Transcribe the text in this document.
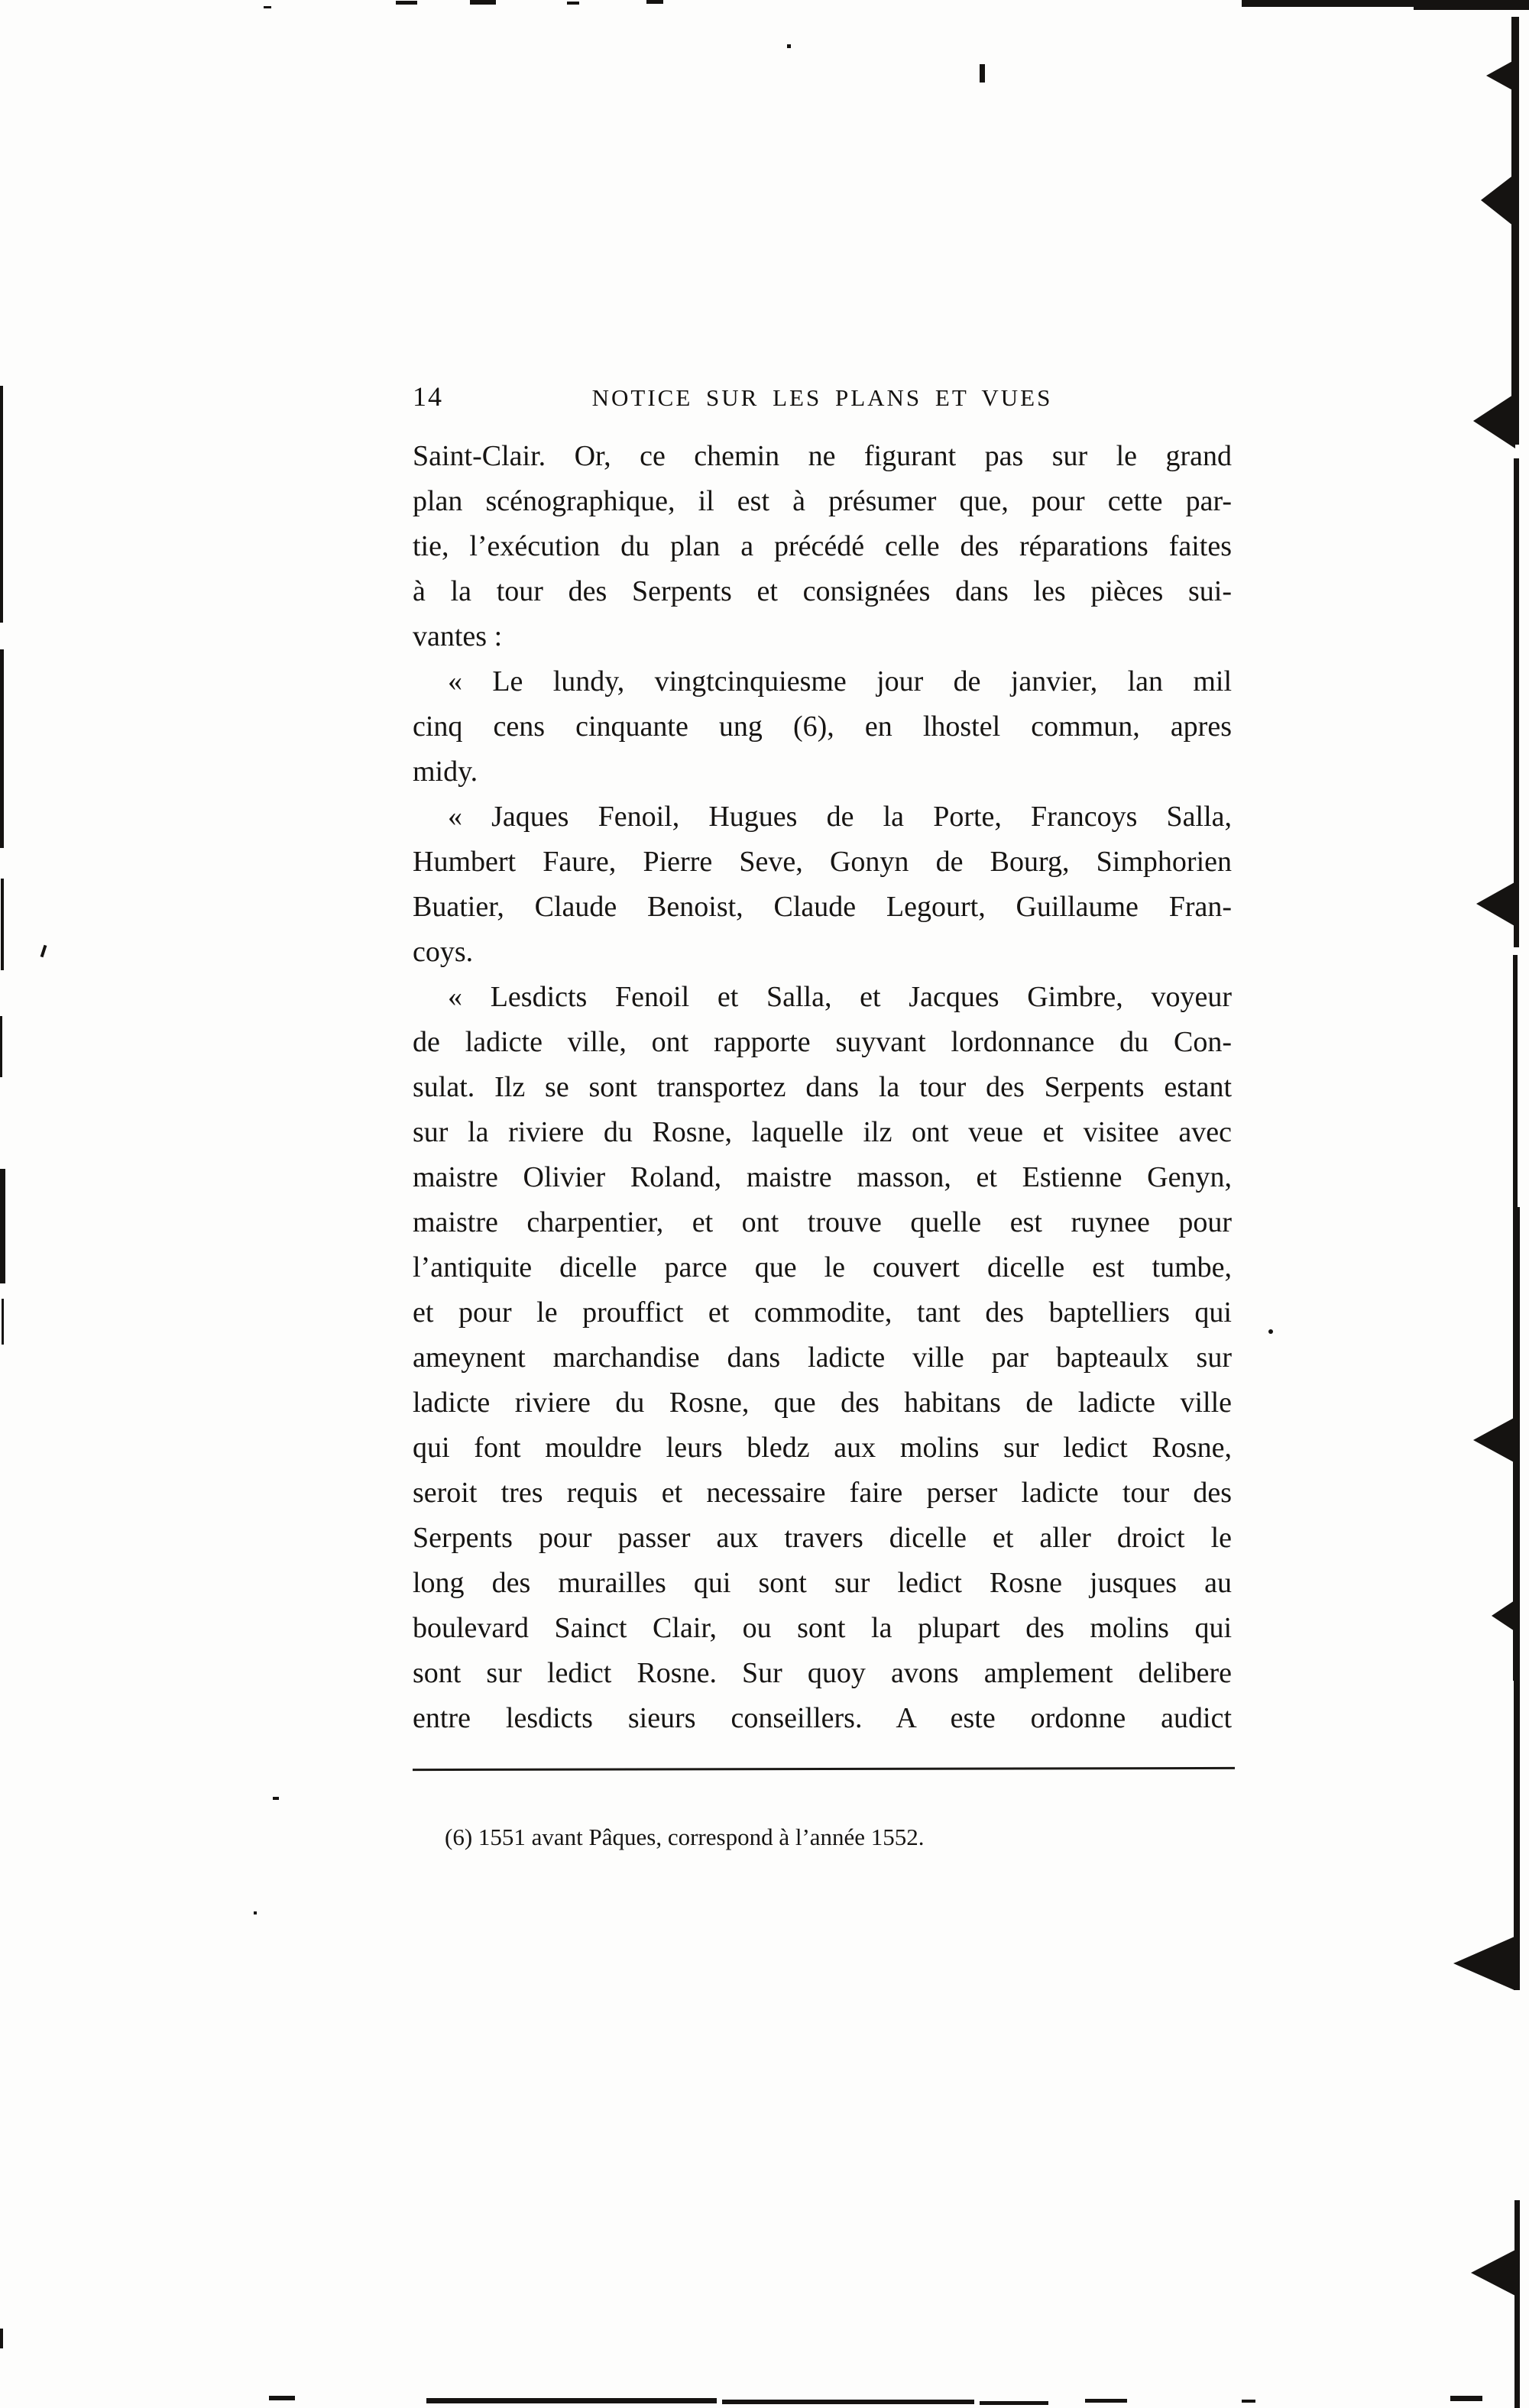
14	NOTICE SUR LES PLANS ET VUES
Saint-Clair. Or, ce chemin ne figurant pas sur le grand
plan scénographique, il est à présumer que, pour cette par-
tie, l’exécution du plan a précédé celle des réparations faites
à la tour des Serpents et consignées dans les pièces sui-
vantes :
« Le lundy, vingtcinquiesme jour de janvier, lan mil
cinq cens cinquante ung (6), en lhostel commun, apres
midy.
« Jaques Fenoil, Hugues de la Porte, Francoys Salla,
Humbert Faure, Pierre Seve, Gonyn de Bourg, Simphorien
Buatier, Claude Benoist, Claude Legourt, Guillaume Fran-
coys.
« Lesdicts Fenoil et Salla, et Jacques Gimbre, voyeur
de ladicte ville, ont rapporte suyvant lordonnance du Con-
sulat. Ilz se sont transportez dans la tour des Serpents estant
sur la riviere du Rosne, laquelle ilz ont veue et visitee avec
maistre Olivier Roland, maistre masson, et Estienne Genyn,
maistre charpentier, et ont trouve quelle est ruynee pour
l’antiquite dicelle parce que le couvert dicelle est tumbe,
et pour le prouffict et commodite, tant des baptelliers qui
ameynent marchandise dans ladicte ville par bapteaulx sur
ladicte riviere du Rosne, que des habitans de ladicte ville
qui font mouldre leurs bledz aux molins sur ledict Rosne,
seroit tres requis et necessaire faire perser ladicte tour des
Serpents pour passer aux travers dicelle et aller droict le
long des murailles qui sont sur ledict Rosne jusques au
boulevard Sainct Clair, ou sont la plupart des molins qui
sont sur ledict Rosne. Sur quoy avons amplement delibere
entre lesdicts sieurs conseillers. A este ordonne audict
(6) 1551 avant Pâques, correspond à l’année 1552.
